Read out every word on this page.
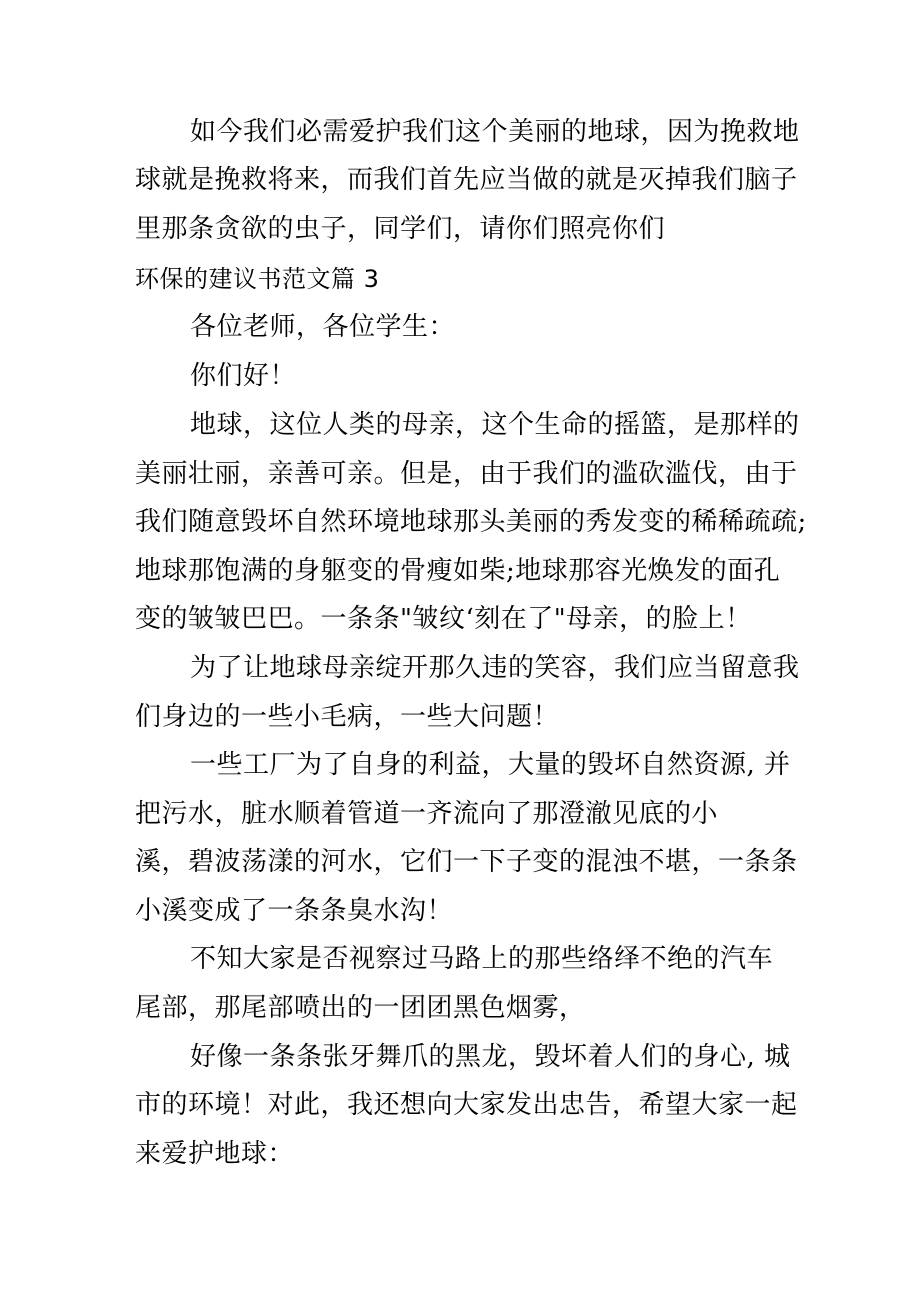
如今我们必需爱护我们这个美丽的地球，因为挽救地
球就是挽救将来，而我们首先应当做的就是灭掉我们脑子
里那条贪欲的虫子，同学们，请你们照亮你们
环保的建议书范文篇 3
各位老师，各位学生：
你们好！
地球，这位人类的母亲，这个生命的摇篮，是那样的
美丽壮丽，亲善可亲。但是，由于我们的滥砍滥伐，由于
我们随意毁坏自然环境地球那头美丽的秀发变的稀稀疏疏;
地球那饱满的身躯变的骨瘦如柴;地球那容光焕发的面孔
变的皱皱巴巴。一条条"皱纹‘刻在了"母亲，的脸上！
为了让地球母亲绽开那久违的笑容，我们应当留意我
们身边的一些小毛病，一些大问题！
一些工厂为了自身的利益，大量的毁坏自然资源, 并
把污水，脏水顺着管道一齐流向了那澄澈见底的小
溪，碧波荡漾的河水，它们一下子变的混浊不堪，一条条
小溪变成了一条条臭水沟！
不知大家是否视察过马路上的那些络绎不绝的汽车
尾部，那尾部喷出的一团团黑色烟雾，
好像一条条张牙舞爪的黑龙，毁坏着人们的身心, 城
市的环境！对此，我还想向大家发出忠告，希望大家一起
来爱护地球：
